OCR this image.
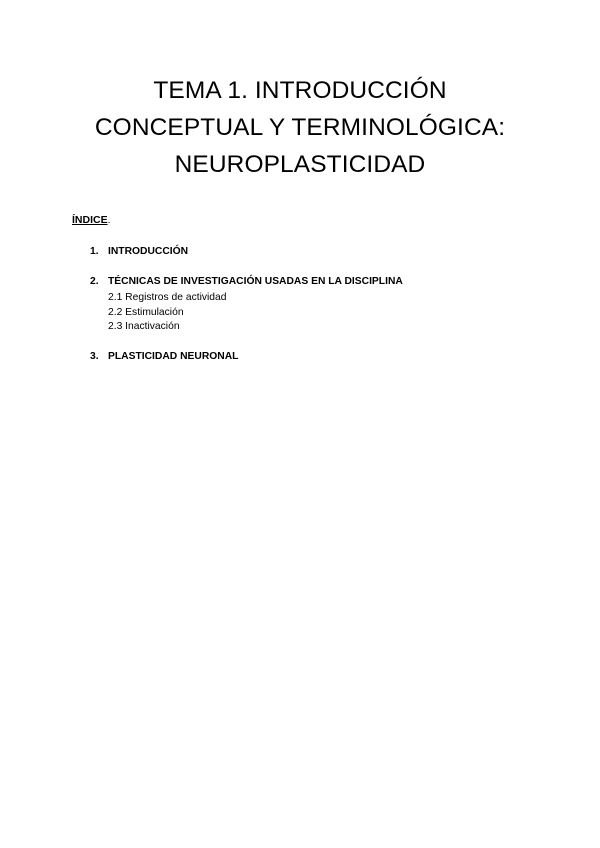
TEMA 1. INTRODUCCIÓN
CONCEPTUAL Y TERMINOLÓGICA:
NEUROPLASTICIDAD
ÍNDICE.
1. INTRODUCCIÓN
2. TÉCNICAS DE INVESTIGACIÓN USADAS EN LA DISCIPLINA
2.1 Registros de actividad
2.2 Estimulación
2.3 Inactivación
3. PLASTICIDAD NEURONAL
